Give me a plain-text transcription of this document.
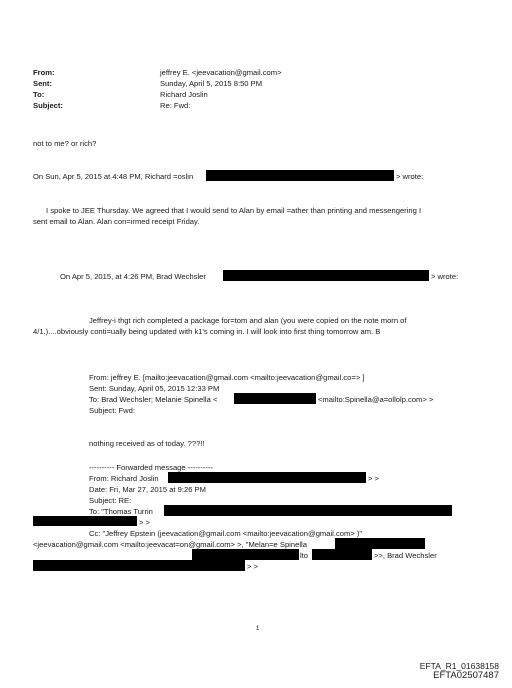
From:	jeffrey E. <jeevacation@gmail.com>
Sent:	Sunday, April 5, 2015 8:50 PM
To:	Richard Joslin
Subject:	Re: Fwd:
not to me? or rich?
On Sun, Apr 5, 2015 at 4:48 PM, Richard =oslin	> wrote:
I spoke to JEE Thursday. We agreed that I would send to Alan by email =ather than printing and messengering I
sent email to Alan. Alan con=irmed receipt Friday.
On Apr 5, 2015, at 4:26 PM, Brad Wechsler	> wrote:
Jeffrey-i thgt rich completed a package for=tom and alan (you were copied on the note morn of
4/1.)....obviously conti=ually being updated with k1's coming in. I will look into first thing tomorrow am. B
From: jeffrey E. [mailto:jeevacation@gmail.com <mailto:jeevacation@gmail.co=> ]
Sent: Sunday, April 05, 2015 12:33 PM
To: Brad Wechsler; Melanie Spinella <	<mailto:Spinella@a=ollolp.com> >
Subject: Fwd:
nothing received as of today. ???!!
---------- Forwarded message ----------
From: Richard Joslin	> >
Date: Fri, Mar 27, 2015 at 9:26 PM
Subject: RE:
To: "Thomas Turrin
> >
Cc: "Jeffrey Epstein (jeevacation@gmail.com <mailto:jeevacation@gmail.com> )"
<jeevacation@gmail.com <mailto:jeevacat=on@gmail.com> >, "Melan=e Spinella
lto	>>, Brad Wechsler
> >
1
EFTA_R1_01638158
EFTA02507487
